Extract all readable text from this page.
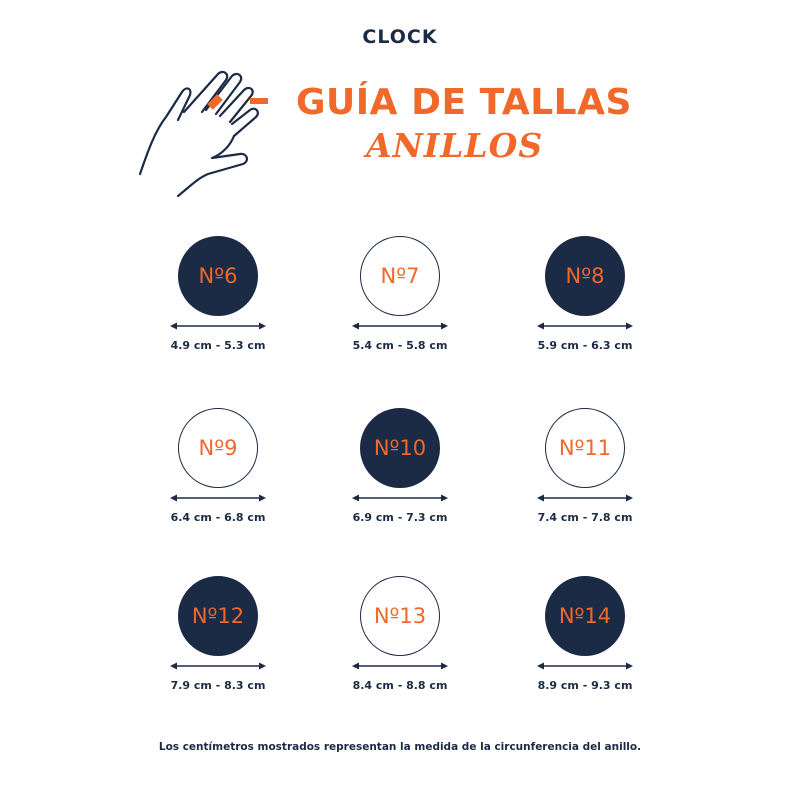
CLOCK
GUÍA DE TALLAS
ANILLOS
Nº6
4.9 cm - 5.3 cm
Nº7
5.4 cm - 5.8 cm
Nº8
5.9 cm - 6.3 cm
Nº9
6.4 cm - 6.8 cm
Nº10
6.9 cm - 7.3 cm
Nº11
7.4 cm - 7.8 cm
Nº12
7.9 cm - 8.3 cm
Nº13
8.4 cm - 8.8 cm
Nº14
8.9 cm - 9.3 cm
Los centímetros mostrados representan la medida de la circunferencia del anillo.
